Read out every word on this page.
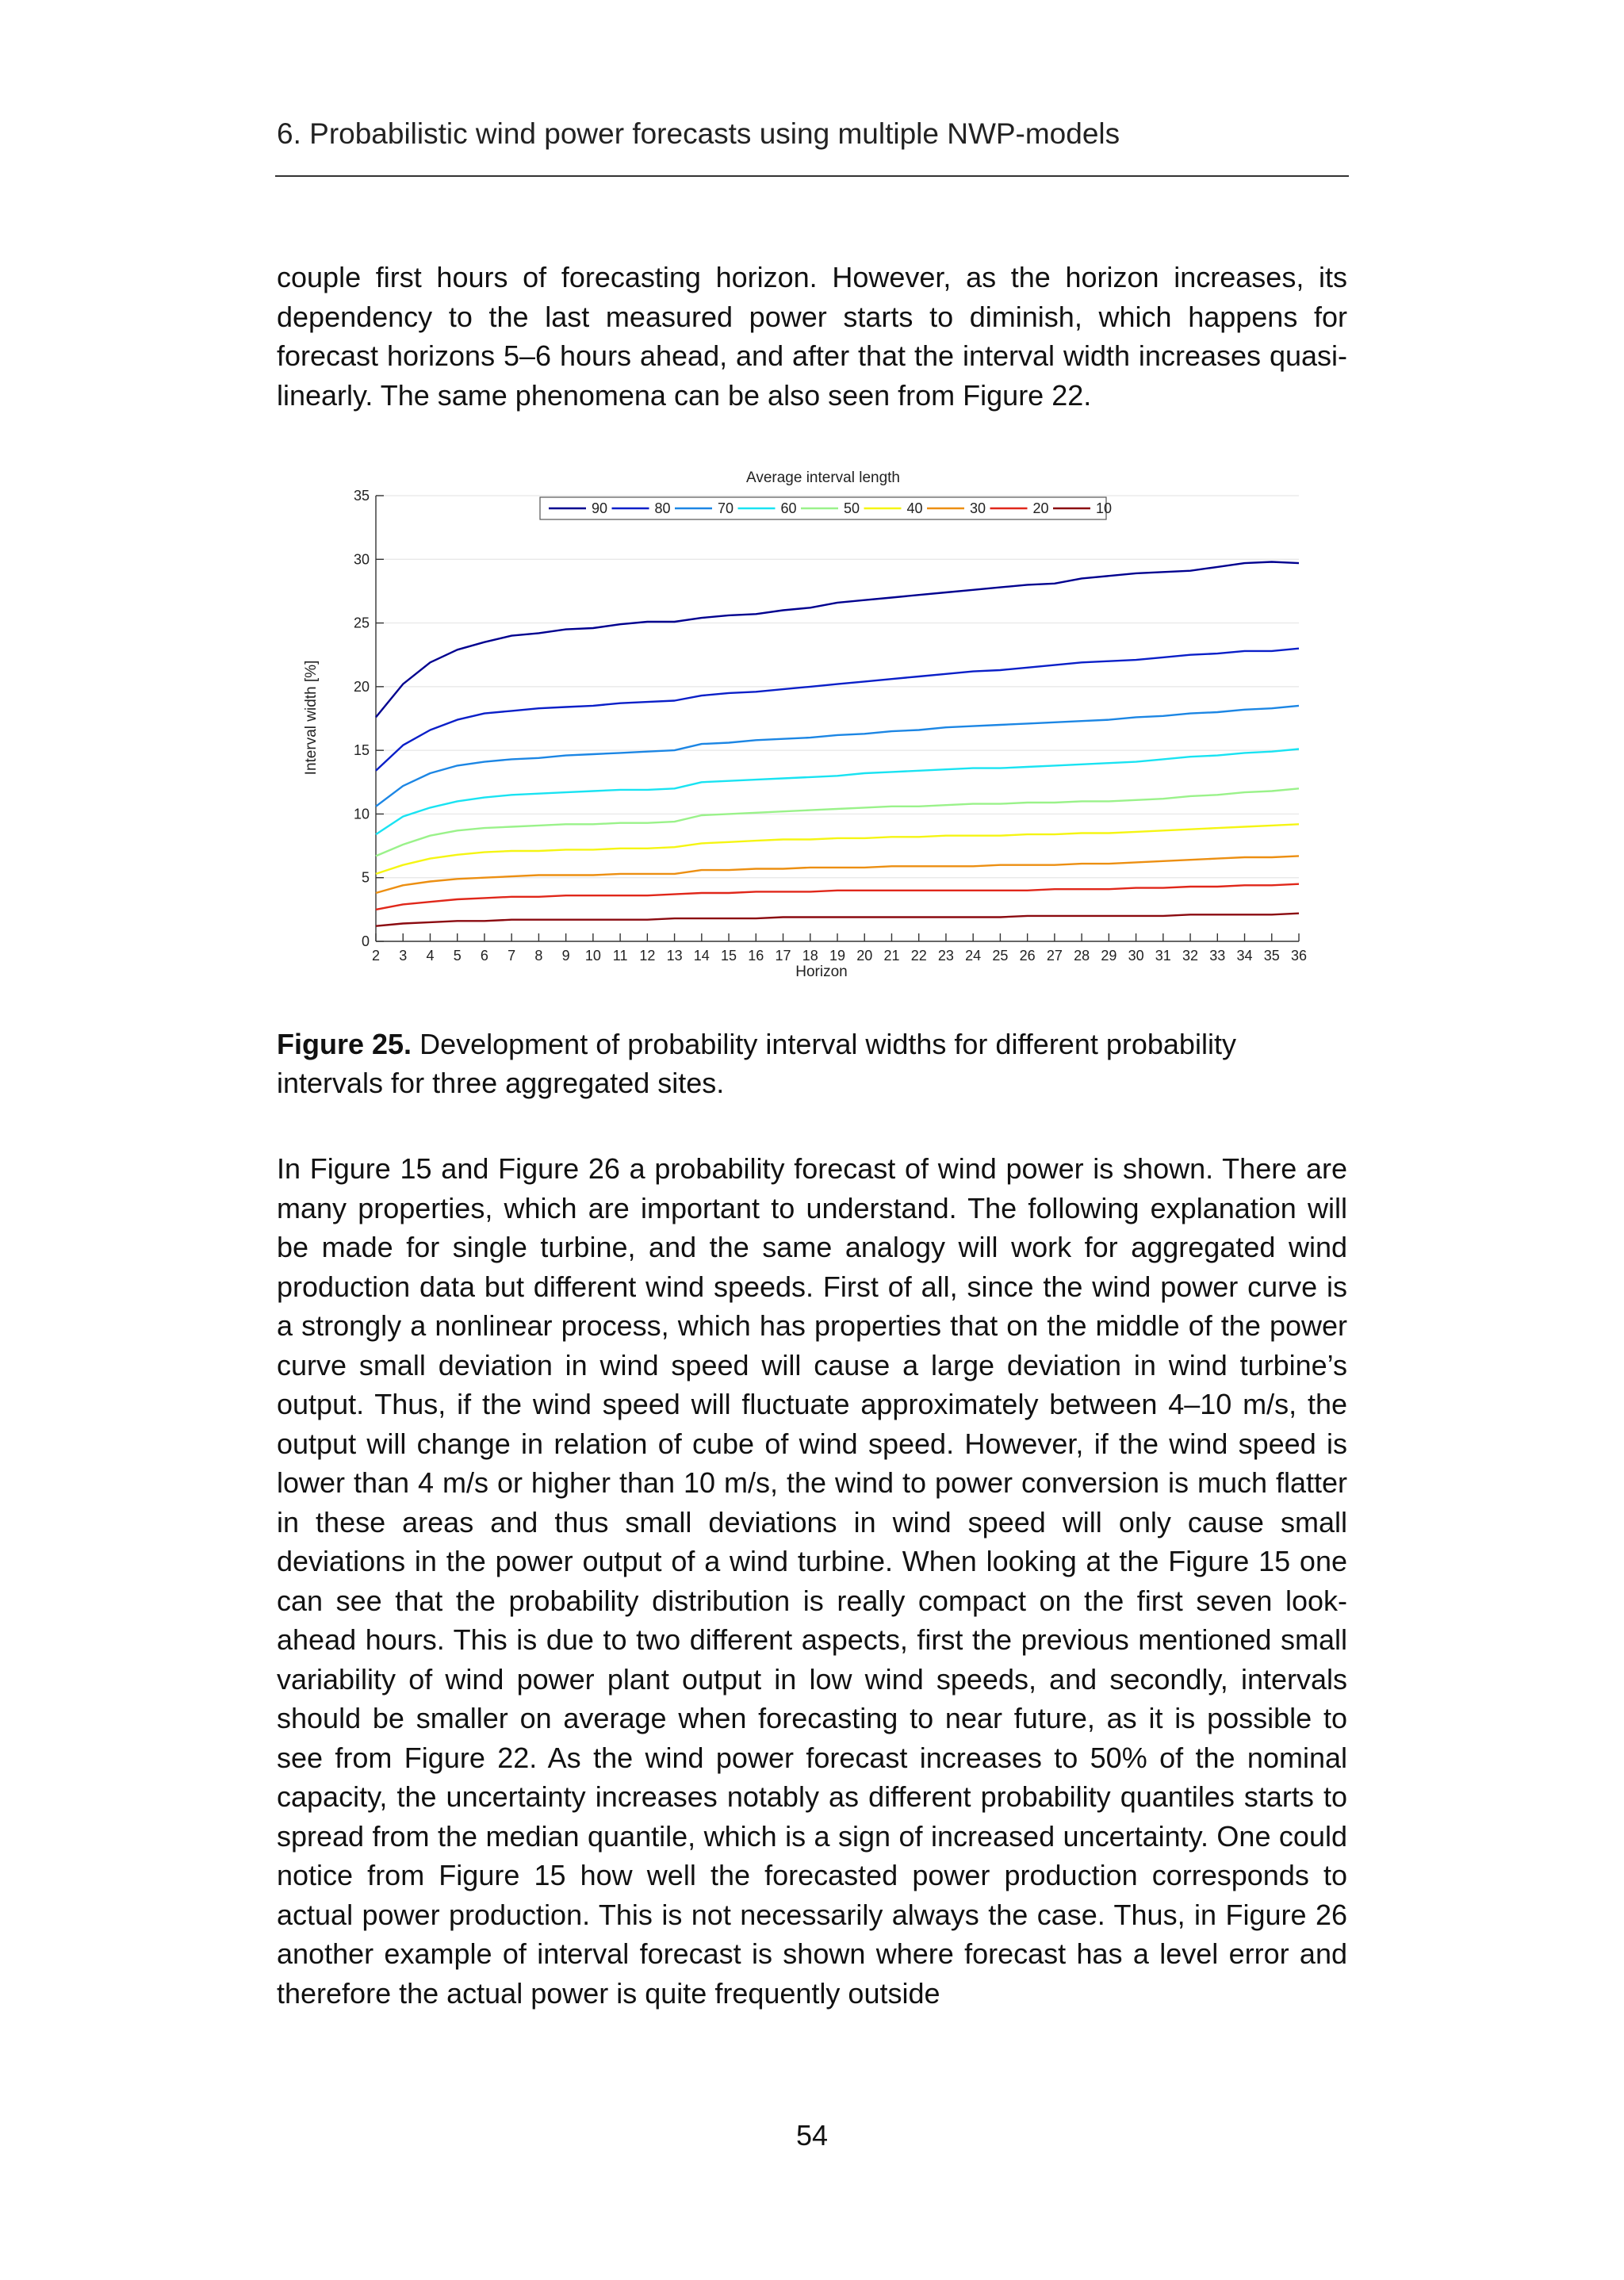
6. Probabilistic wind power forecasts using multiple NWP-models

couple first hours of forecasting horizon. However, as the horizon increases, its dependency to the last measured power starts to diminish, which happens for forecast horizons 5–6 hours ahead, and after that the interval width increases quasi-linearly. The same phenomena can be also seen from Figure 22.

0
5
10
15
20
25
30
35
2 3 4 5 6 7 8 9 10 11 12 13 14 15 16 17 18 19 20 21 22 23 24 25 26 27 28 29 30 31 32 33 34 35 36
Average interval length
Horizon
Interval width [%]
90	80	70	60	50	40	30	20	10

Figure 25. Development of probability interval widths for different probability intervals for three aggregated sites.

In Figure 15 and Figure 26 a probability forecast of wind power is shown. There are many properties, which are important to understand. The following explanation will be made for single turbine, and the same analogy will work for aggregated wind production data but different wind speeds. First of all, since the wind power curve is a strongly a nonlinear process, which has properties that on the middle of the power curve small deviation in wind speed will cause a large deviation in wind turbine’s output. Thus, if the wind speed will fluctuate approximately between 4–10 m/s, the output will change in relation of cube of wind speed. However, if the wind speed is lower than 4 m/s or higher than 10 m/s, the wind to power conversion is much flatter in these areas and thus small deviations in wind speed will only cause small deviations in the power output of a wind turbine. When looking at the Figure 15 one can see that the probability distribution is really compact on the first seven look-ahead hours. This is due to two different aspects, first the previous mentioned small variability of wind power plant output in low wind speeds, and secondly, intervals should be smaller on average when forecasting to near future, as it is possible to see from Figure 22. As the wind power forecast increases to 50% of the nominal capacity, the uncertainty increases notably as different probability quantiles starts to spread from the median quantile, which is a sign of increased uncertainty. One could notice from Figure 15 how well the forecasted power production corresponds to actual power production. This is not necessarily always the case. Thus, in Figure 26 another example of interval forecast is shown where forecast has a level error and therefore the actual power is quite frequently outside

54
